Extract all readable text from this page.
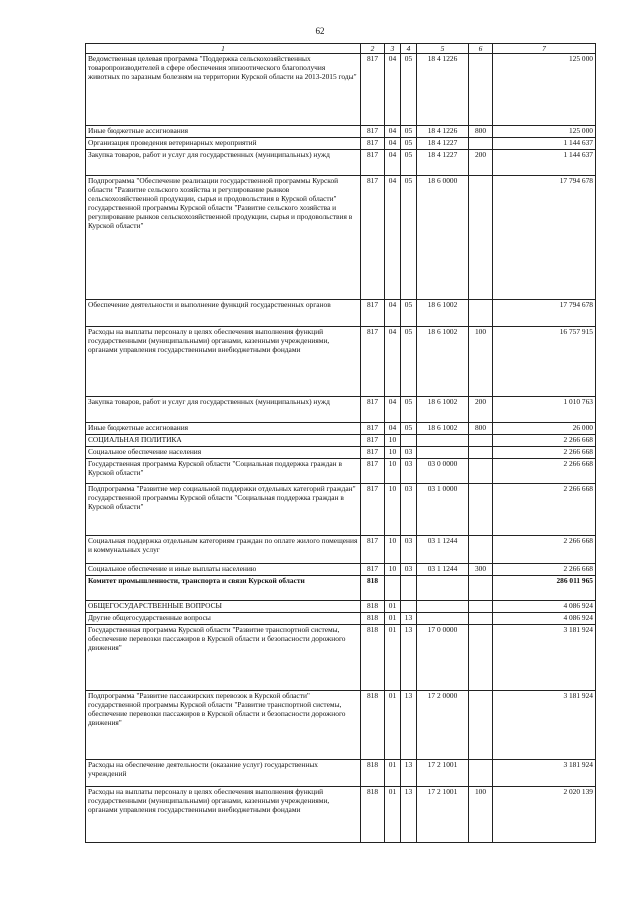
62
1	2	3	4	5	6	7
Ведомственная целевая программа "Поддержка сельскохозяйственных товаропроизводителей в сфере обеспечения эпизоотического благополучия животных по заразным болезням на территории Курской области на 2013-2015 годы"	817	04	05	18 4 1226		125 000
Иные бюджетные ассигнования	817	04	05	18 4 1226	800	125 000
Организация проведения ветеринарных мероприятий	817	04	05	18 4 1227		1 144 637
Закупка товаров, работ и услуг для государственных (муниципальных) нужд	817	04	05	18 4 1227	200	1 144 637
Подпрограмма "Обеспечение реализации государственной программы Курской области "Развитие сельского хозяйства и регулирование рынков сельскохозяйственной продукции, сырья и продовольствия в Курской области" государственной программы Курской области "Развитие сельского хозяйства и регулирование рынков сельскохозяйственной продукции, сырья и продовольствия в Курской области"	817	04	05	18 6 0000		17 794 678
Обеспечение деятельности и выполнение функций государственных органов	817	04	05	18 6 1002		17 794 678
Расходы на выплаты персоналу в целях обеспечения выполнения функций государственными (муниципальными) органами, казенными учреждениями, органами управления государственными внебюджетными фондами	817	04	05	18 6 1002	100	16 757 915
Закупка товаров, работ и услуг для государственных (муниципальных) нужд	817	04	05	18 6 1002	200	1 010 763
Иные бюджетные ассигнования	817	04	05	18 6 1002	800	26 000
СОЦИАЛЬНАЯ ПОЛИТИКА	817	10				2 266 668
Социальное обеспечение населения	817	10	03			2 266 668
Государственная программа Курской области "Социальная поддержка граждан в Курской области"	817	10	03	03 0 0000		2 266 668
Подпрограмма "Развитие мер социальной поддержки отдельных категорий граждан" государственной программы Курской области "Социальная поддержка граждан в Курской области"	817	10	03	03 1 0000		2 266 668
Социальная поддержка отдельным категориям граждан по оплате жилого помещения и коммунальных услуг	817	10	03	03 1 1244		2 266 668
Социальное обеспечение и иные выплаты населению	817	10	03	03 1 1244	300	2 266 668
Комитет промышленности, транспорта и связи Курской области	818					286 011 965
ОБЩЕГОСУДАРСТВЕННЫЕ ВОПРОСЫ	818	01				4 086 924
Другие общегосударственные вопросы	818	01	13			4 086 924
Государственная программа Курской области "Развитие транспортной системы, обеспечение перевозки пассажиров в Курской области и безопасности дорожного движения"	818	01	13	17 0 0000		3 181 924
Подпрограмма "Развитие пассажирских перевозок в Курской области" государственной программы Курской области "Развитие транспортной системы, обеспечение перевозки пассажиров в Курской области и безопасности дорожного движения"	818	01	13	17 2 0000		3 181 924
Расходы на обеспечение деятельности (оказание услуг) государственных учреждений	818	01	13	17 2 1001		3 181 924
Расходы на выплаты персоналу в целях обеспечения выполнения функций государственными (муниципальными) органами, казенными учреждениями, органами управления государственными внебюджетными фондами	818	01	13	17 2 1001	100	2 020 139
